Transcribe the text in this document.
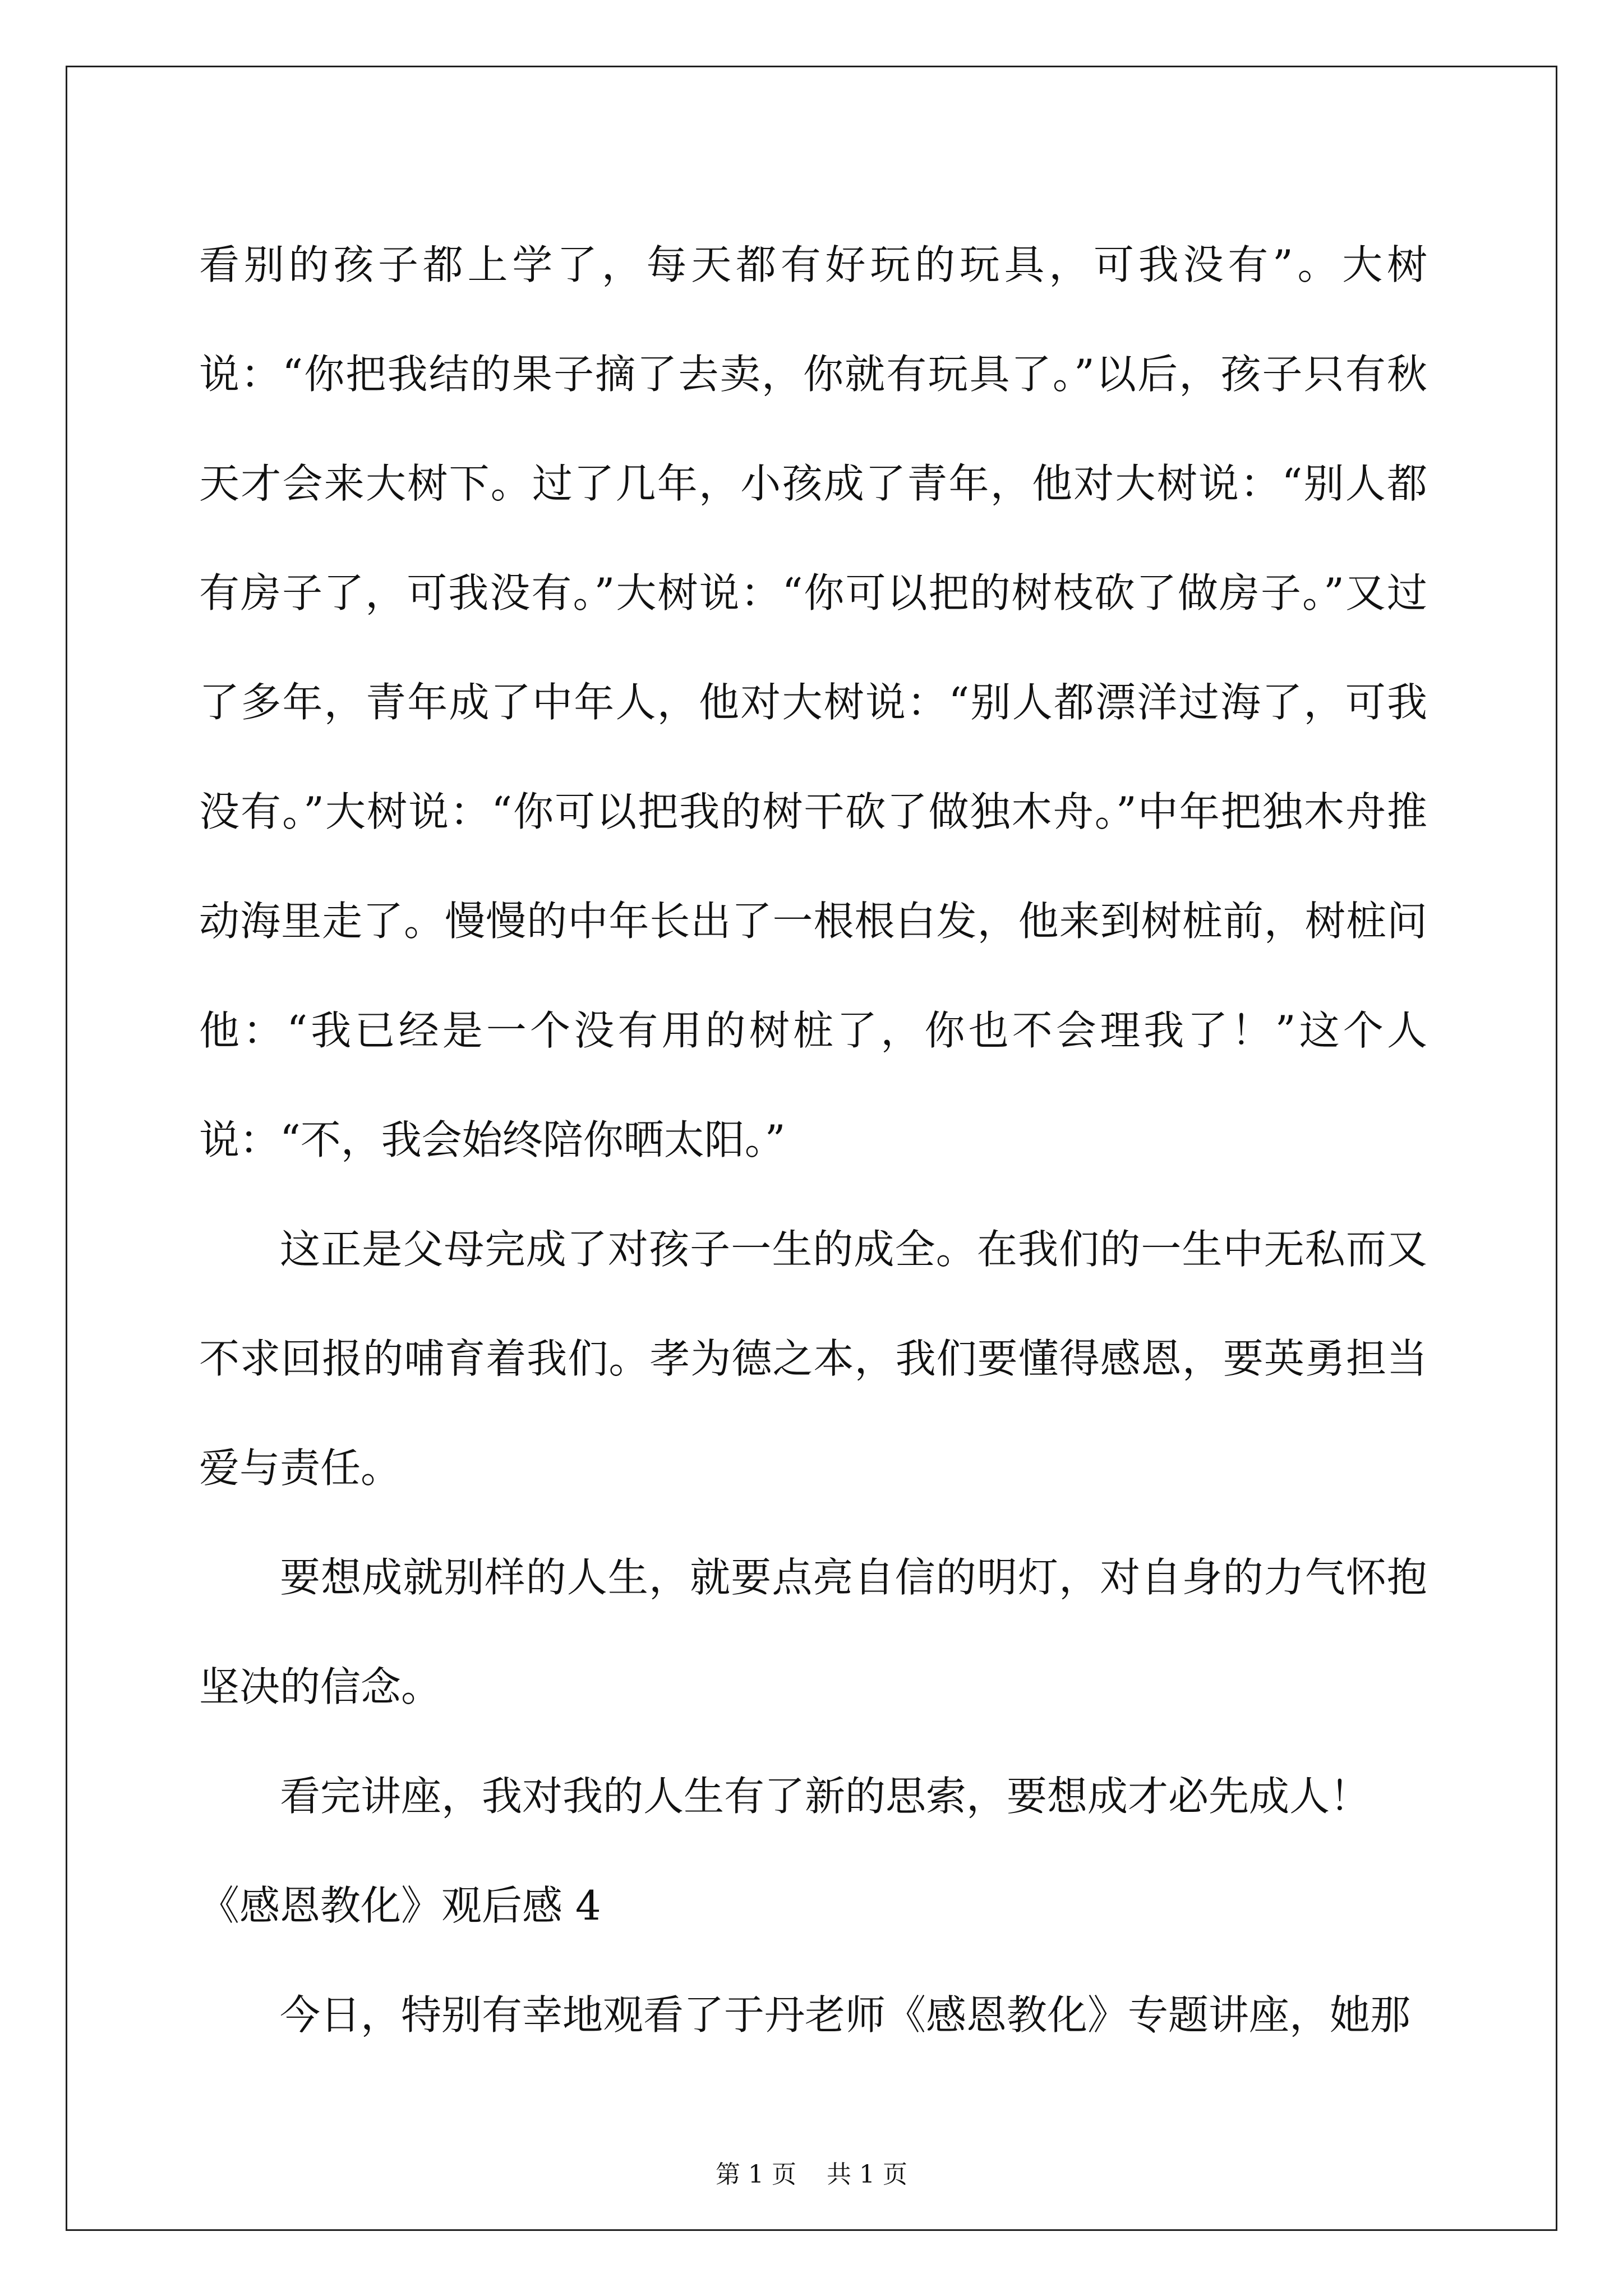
看别的孩子都上学了，每天都有好玩的玩具，可我没有”。大树说：“你把我结的果子摘了去卖，你就有玩具了。”以后，孩子只有秋天才会来大树下。过了几年，小孩成了青年，他对大树说：“别人都有房子了，可我没有。”大树说：“你可以把的树枝砍了做房子。”又过了多年，青年成了中年人，他对大树说：“别人都漂洋过海了，可我没有。”大树说：“你可以把我的树干砍了做独木舟。”中年把独木舟推动海里走了。慢慢的中年长出了一根根白发，他来到树桩前，树桩问他：“我已经是一个没有用的树桩了，你也不会理我了！”这个人说：“不，我会始终陪你晒太阳。”

这正是父母完成了对孩子一生的成全。在我们的一生中无私而又不求回报的哺育着我们。孝为德之本，我们要懂得感恩，要英勇担当爱与责任。

要想成就别样的人生，就要点亮自信的明灯，对自身的力气怀抱坚决的信念。

看完讲座，我对我的人生有了新的思索，要想成才必先成人！

《感恩教化》观后感 4

今日，特别有幸地观看了于丹老师《感恩教化》专题讲座，她那

第 1 页 共 1 页
